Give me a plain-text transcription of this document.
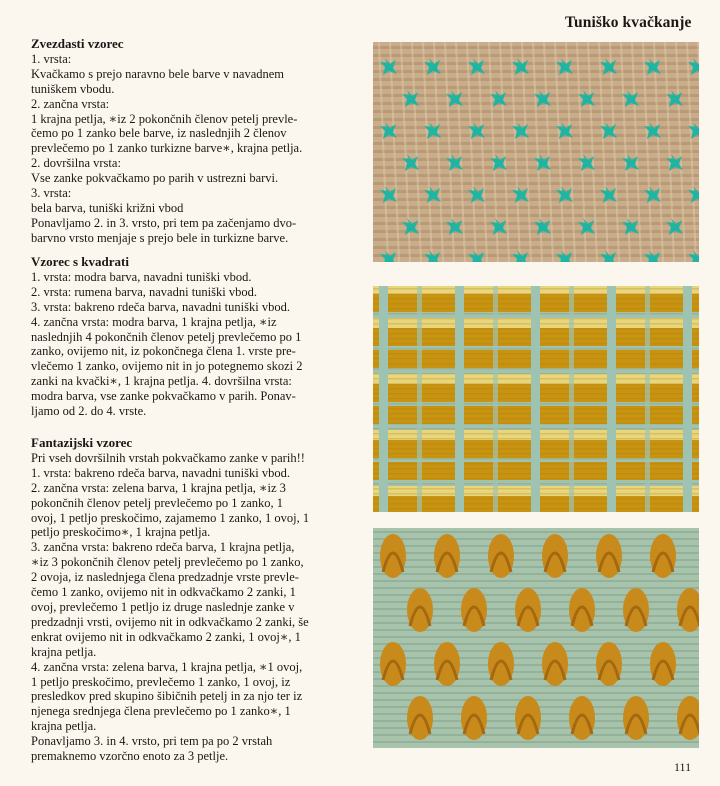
Tuniško kvačkanje
Zvezdasti vzorec
1. vrsta:
Kvačkamo s prejo naravno bele barve v navadnem
tuniškem vbodu.
2. zančna vrsta:
1 krajna petlja, ∗iz 2 pokončnih členov petelj prevle-
čemo po 1 zanko bele barve, iz naslednjih 2 členov
prevlečemo po 1 zanko turkizne barve∗, krajna petlja.
2. dovršilna vrsta:
Vse zanke pokvačkamo po parih v ustrezni barvi.
3. vrsta:
bela barva, tuniški križni vbod
Ponavljamo 2. in 3. vrsto, pri tem pa začenjamo dvo-
barvno vrsto menjaje s prejo bele in turkizne barve.
Vzorec s kvadrati
1. vrsta: modra barva, navadni tuniški vbod.
2. vrsta: rumena barva, navadni tuniški vbod.
3. vrsta: bakreno rdeča barva, navadni tuniški vbod.
4. zančna vrsta: modra barva, 1 krajna petlja, ∗iz
naslednjih 4 pokončnih členov petelj prevlečemo po 1
zanko, ovijemo nit, iz pokončnega člena 1. vrste pre-
vlečemo 1 zanko, ovijemo nit in jo potegnemo skozi 2
zanki na kvački∗, 1 krajna petlja. 4. dovršilna vrsta:
modra barva, vse zanke pokvačkamo v parih. Ponav-
ljamo od 2. do 4. vrste.
Fantazijski vzorec
Pri vseh dovršilnih vrstah pokvačkamo zanke v parih!!
1. vrsta: bakreno rdeča barva, navadni tuniški vbod.
2. zančna vrsta: zelena barva, 1 krajna petlja, ∗iz 3
pokončnih členov petelj prevlečemo po 1 zanko, 1
ovoj, 1 petljo preskočimo, zajamemo 1 zanko, 1 ovoj, 1
petljo preskočimo∗, 1 krajna petlja.
3. zančna vrsta: bakreno rdeča barva, 1 krajna petlja,
∗iz 3 pokončnih členov petelj prevlečemo po 1 zanko,
2 ovoja, iz naslednjega člena predzadnje vrste prevle-
čemo 1 zanko, ovijemo nit in odkvačkamo 2 zanki, 1
ovoj, prevlečemo 1 petljo iz druge naslednje zanke v
predzadnji vrsti, ovijemo nit in odkvačkamo 2 zanki, še
enkrat ovijemo nit in odkvačkamo 2 zanki, 1 ovoj∗, 1
krajna petlja.
4. zančna vrsta: zelena barva, 1 krajna petlja, ∗1 ovoj,
1 petljo preskočimo, prevlečemo 1 zanko, 1 ovoj, iz
presledkov pred skupino šibičnih petelj in za njo ter iz
njenega srednjega člena prevlečemo po 1 zanko∗, 1
krajna petlja.
Ponavljamo 3. in 4. vrsto, pri tem pa po 2 vrstah
premaknemo vzorčno enoto za 3 petlje.
111
